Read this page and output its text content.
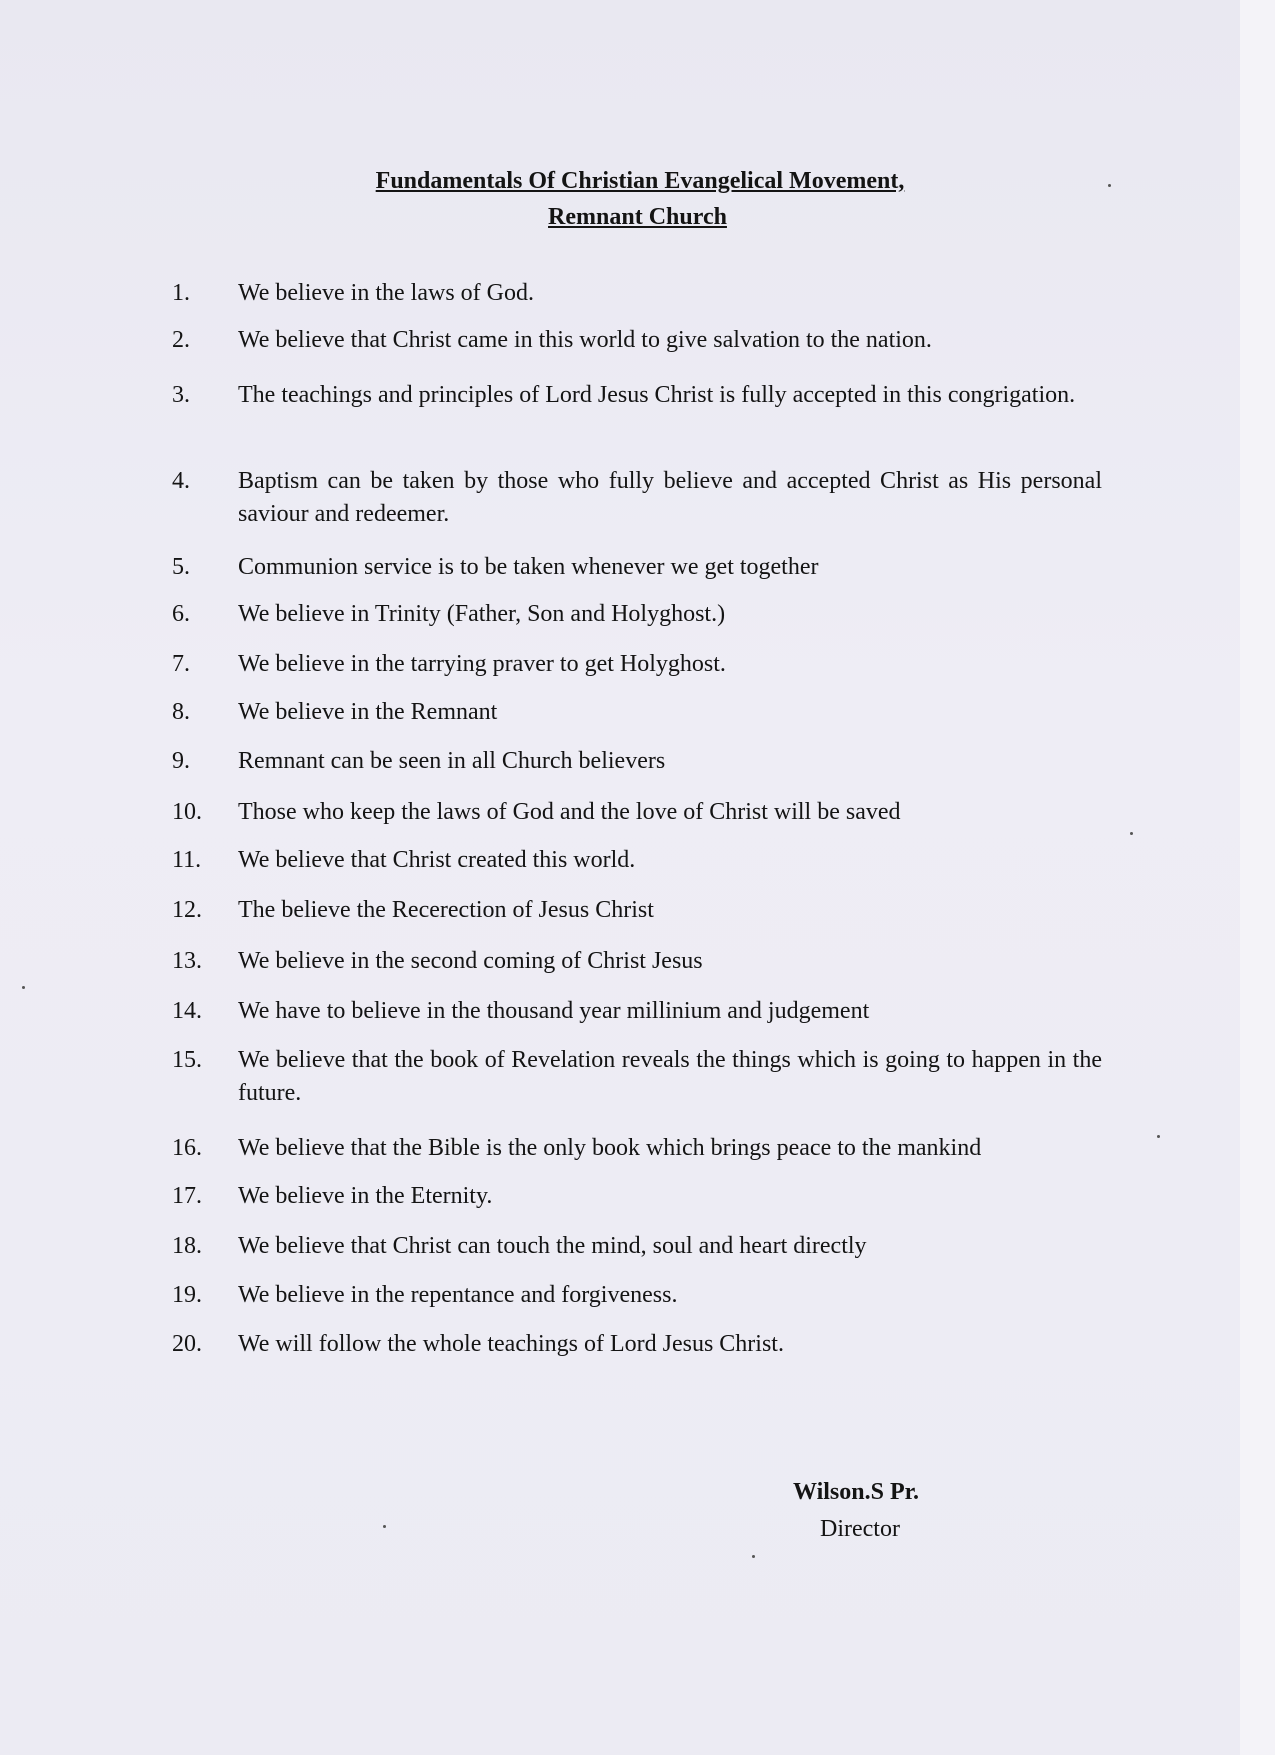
Fundamentals Of Christian Evangelical Movement,
Remnant Church
1.	We believe in the laws of God.
2.	We believe that Christ came in this world to give salvation to the nation.
3.	The teachings and principles of Lord Jesus Christ is fully accepted in this congrigation.
4.	Baptism can be taken by those who fully believe and accepted Christ as His personal saviour and redeemer.
5.	Communion service is to be taken whenever we get together
6.	We believe in Trinity (Father, Son and Holyghost.)
7.	We believe in the tarrying praver to get Holyghost.
8.	We believe in the Remnant
9.	Remnant can be seen in all Church believers
10.	Those who keep the laws of God and the love of Christ will be saved
11.	We believe that Christ created this world.
12.	The believe the Recerection of Jesus Christ
13.	We believe in the second coming of Christ Jesus
14.	We have to believe in the thousand year millinium and judgement
15.	We believe that the book of Revelation reveals the things which is going to happen in the future.
16.	We believe that the Bible is the only book which brings peace to the mankind
17.	We believe in the Eternity.
18.	We believe that Christ can touch the mind, soul and heart directly
19.	We believe in the repentance and forgiveness.
20.	We will follow the whole teachings of Lord Jesus Christ.
Wilson.S Pr.
Director
